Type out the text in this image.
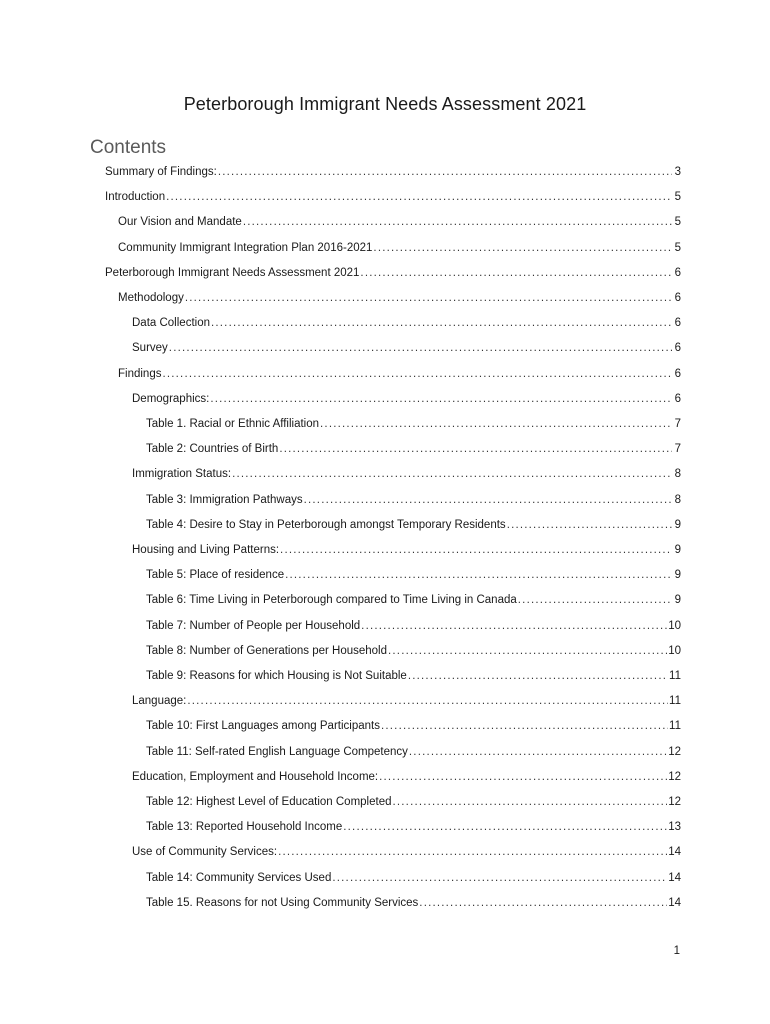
Peterborough Immigrant Needs Assessment 2021
Contents
Summary of Findings: .....	3
Introduction .....	5
Our Vision and Mandate .....	5
Community Immigrant Integration Plan 2016-2021 .....	5
Peterborough Immigrant Needs Assessment 2021 .....	6
Methodology .....	6
Data Collection .....	6
Survey .....	6
Findings .....	6
Demographics: .....	6
Table 1. Racial or Ethnic Affiliation .....	7
Table 2: Countries of Birth .....	7
Immigration Status: .....	8
Table 3: Immigration Pathways .....	8
Table 4: Desire to Stay in Peterborough amongst Temporary Residents .....	9
Housing and Living Patterns: .....	9
Table 5: Place of residence .....	9
Table 6: Time Living in Peterborough compared to Time Living in Canada .....	9
Table 7: Number of People per Household .....	10
Table 8: Number of Generations per Household .....	10
Table 9: Reasons for which Housing is Not Suitable .....	11
Language: .....	11
Table 10: First Languages among Participants .....	11
Table 11: Self-rated English Language Competency .....	12
Education, Employment and Household Income: .....	12
Table 12: Highest Level of Education Completed .....	12
Table 13: Reported Household Income .....	13
Use of Community Services: .....	14
Table 14: Community Services Used .....	14
Table 15. Reasons for not Using Community Services .....	14
1
